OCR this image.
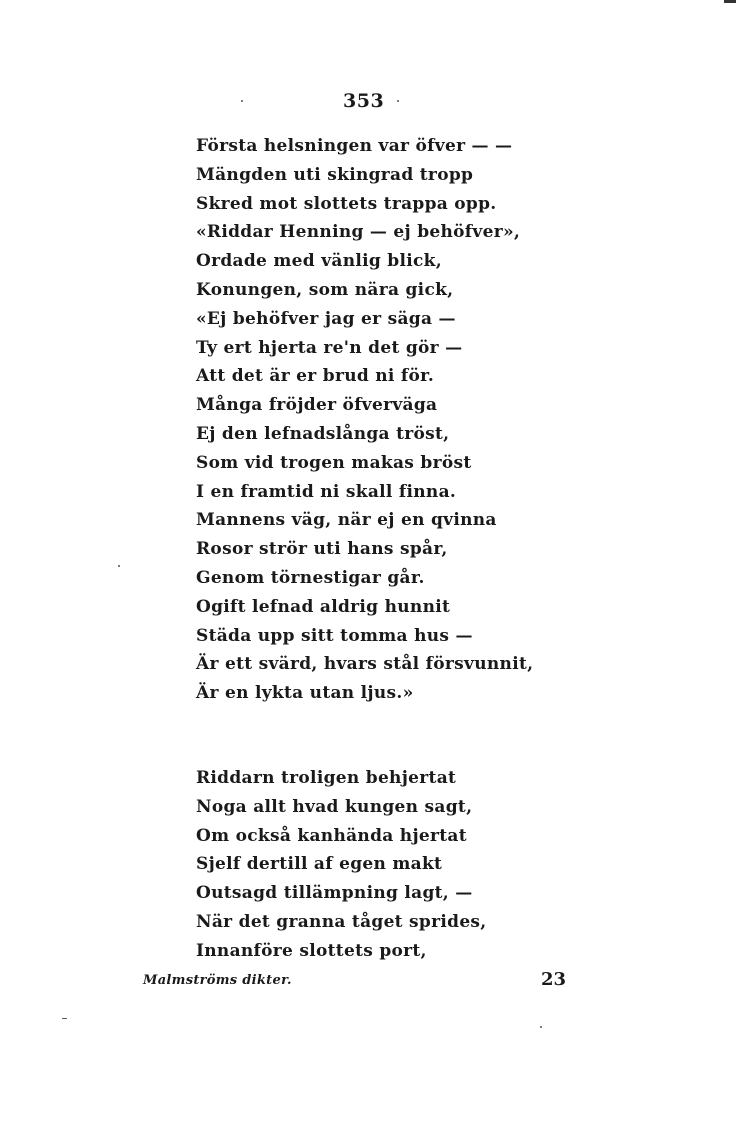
353
Första helsningen var öfver — —
Mängden uti skingrad tropp
Skred mot slottets trappa opp.
«Riddar Henning — ej behöfver»,
Ordade med vänlig blick,
Konungen, som nära gick,
«Ej behöfver jag er säga —
Ty ert hjerta re'n det gör —
Att det är er brud ni för.
Många fröjder öfverväga
Ej den lefnadslånga tröst,
Som vid trogen makas bröst
I en framtid ni skall finna.
Mannens väg, när ej en qvinna
Rosor strör uti hans spår,
Genom törnestigar går.
Ogift lefnad aldrig hunnit
Städa upp sitt tomma hus —
Är ett svärd, hvars stål försvunnit,
Är en lykta utan ljus.»
Riddarn troligen behjertat
Noga allt hvad kungen sagt,
Om också kanhända hjertat
Sjelf dertill af egen makt
Outsagd tillämpning lagt, —
När det granna tåget sprides,
Innanföre slottets port,
Malmströms dikter.	23
